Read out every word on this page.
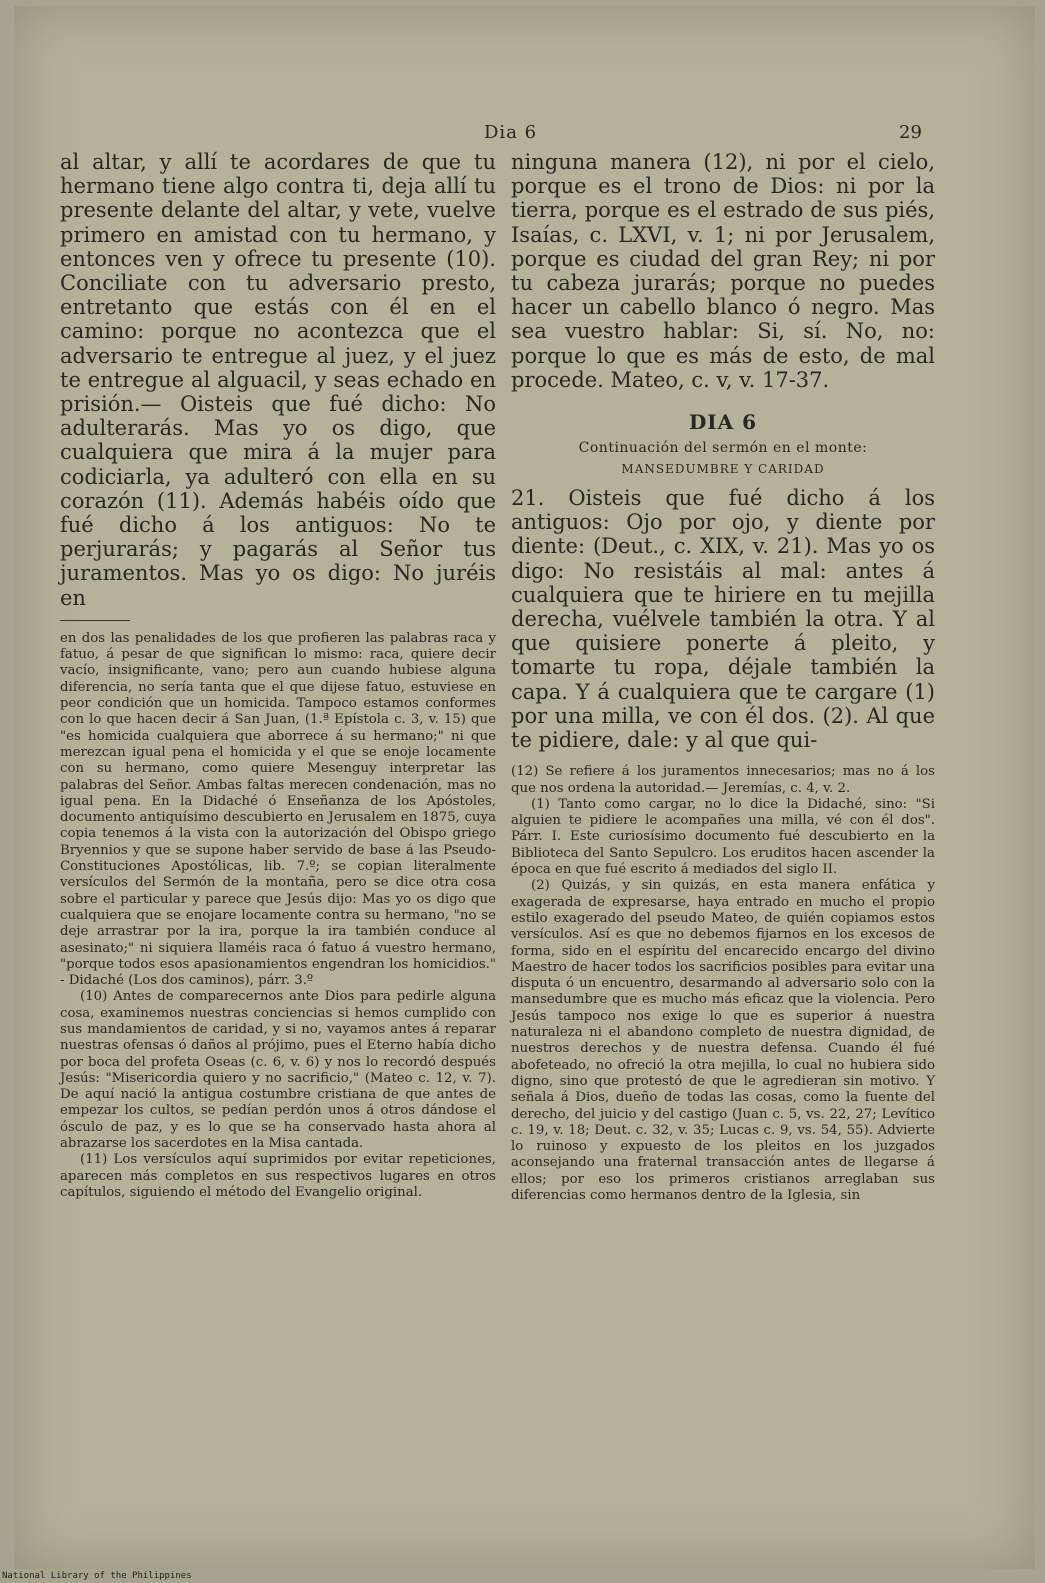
Dia 6	29

al altar, y allí te acordares de que tu hermano tiene algo contra ti, deja allí tu presente delante del altar, y vete, vuelve primero en amistad con tu hermano, y entonces ven y ofrece tu presente (10). Conciliate con tu adversario presto, entretanto que estás con él en el camino: porque no acontezca que el adversario te entregue al juez, y el juez te entregue al alguacil, y seas echado en prisión.— Oisteis que fué dicho: No adulterarás. Mas yo os digo, que cualquiera que mira á la mujer para codiciarla, ya adulteró con ella en su corazón (11). Además habéis oído que fué dicho á los antiguos: No te perjurarás; y pagarás al Señor tus juramentos. Mas yo os digo: No juréis en

en dos las penalidades de los que profieren las palabras raca y fatuo, á pesar de que significan lo mismo: raca, quiere decir vacío, insignificante, vano; pero aun cuando hubiese alguna diferencia, no sería tanta que el que dijese fatuo, estuviese en peor condición que un homicida. Tampoco estamos conformes con lo que hacen decir á San Juan, (1.ª Epístola c. 3, v. 15) que "es homicida cualquiera que aborrece á su hermano;" ni que merezcan igual pena el homicida y el que se enoje locamente con su hermano, como quiere Mesenguy interpretar las palabras del Señor. Ambas faltas merecen condenación, mas no igual pena. En la Didaché ó Enseñanza de los Apóstoles, documento antiquísimo descubierto en Jerusalem en 1875, cuya copia tenemos á la vista con la autorización del Obispo griego Bryennios y que se supone haber servido de base á las Pseudo-Constituciones Apostólicas, lib. 7.º; se copian literalmente versículos del Sermón de la montaña, pero se dice otra cosa sobre el particular y parece que Jesús dijo: Mas yo os digo que cualquiera que se enojare locamente contra su hermano, "no se deje arrastrar por la ira, porque la ira también conduce al asesinato;" ni siquiera llaméis raca ó fatuo á vuestro hermano, "porque todos esos apasionamientos engendran los homicidios." - Didaché (Los dos caminos), párr. 3.º

(10) Antes de comparecernos ante Dios para pedirle alguna cosa, examinemos nuestras conciencias si hemos cumplido con sus mandamientos de caridad, y si no, vayamos antes á reparar nuestras ofensas ó daños al prójimo, pues el Eterno había dicho por boca del profeta Oseas (c. 6, v. 6) y nos lo recordó después Jesús: "Misericordia quiero y no sacrificio," (Mateo c. 12, v. 7). De aquí nació la antigua costumbre cristiana de que antes de empezar los cultos, se pedían perdón unos á otros dándose el ósculo de paz, y es lo que se ha conservado hasta ahora al abrazarse los sacerdotes en la Misa cantada.

(11) Los versículos aquí suprimidos por evitar repeticiones, aparecen más completos en sus respectivos lugares en otros capítulos, siguiendo el método del Evangelio original.

ninguna manera (12), ni por el cielo, porque es el trono de Dios: ni por la tierra, porque es el estrado de sus piés, Isaías, c. LXVI, v. 1; ni por Jerusalem, porque es ciudad del gran Rey; ni por tu cabeza jurarás; porque no puedes hacer un cabello blanco ó negro. Mas sea vuestro hablar: Si, sí. No, no: porque lo que es más de esto, de mal procede. Mateo, c. v, v. 17-37.

DIA 6
Continuación del sermón en el monte:
MANSEDUMBRE Y CARIDAD

21. Oisteis que fué dicho á los antiguos: Ojo por ojo, y diente por diente: (Deut., c. XIX, v. 21). Mas yo os digo: No resistáis al mal: antes á cualquiera que te hiriere en tu mejilla derecha, vuélvele también la otra. Y al que quisiere ponerte á pleito, y tomarte tu ropa, déjale también la capa. Y á cualquiera que te cargare (1) por una milla, ve con él dos. (2). Al que te pidiere, dale: y al que qui-

(12) Se refiere á los juramentos innecesarios; mas no á los que nos ordena la autoridad.— Jeremías, c. 4, v. 2.

(1) Tanto como cargar, no lo dice la Didaché, sino: "Si alguien te pidiere le acompañes una milla, vé con él dos". Párr. I. Este curiosísimo documento fué descubierto en la Biblioteca del Santo Sepulcro. Los eruditos hacen ascender la época en que fué escrito á mediados del siglo II.

(2) Quizás, y sin quizás, en esta manera enfática y exagerada de expresarse, haya entrado en mucho el propio estilo exagerado del pseudo Mateo, de quién copiamos estos versículos. Así es que no debemos fijarnos en los excesos de forma, sido en el espíritu del encarecido encargo del divino Maestro de hacer todos los sacrificios posibles para evitar una disputa ó un encuentro, desarmando al adversario solo con la mansedumbre que es mucho más eficaz que la violencia. Pero Jesús tampoco nos exige lo que es superior á nuestra naturaleza ni el abandono completo de nuestra dignidad, de nuestros derechos y de nuestra defensa. Cuando él fué abofeteado, no ofreció la otra mejilla, lo cual no hubiera sido digno, sino que protestó de que le agredieran sin motivo. Y señala á Dios, dueño de todas las cosas, como la fuente del derecho, del juicio y del castigo (Juan c. 5, vs. 22, 27; Levítico c. 19, v. 18; Deut. c. 32, v. 35; Lucas c. 9, vs. 54, 55). Advierte lo ruinoso y expuesto de los pleitos en los juzgados aconsejando una fraternal transacción antes de llegarse á ellos; por eso los primeros cristianos arreglaban sus diferencias como hermanos dentro de la Iglesia, sin

National Library of the Philippines
